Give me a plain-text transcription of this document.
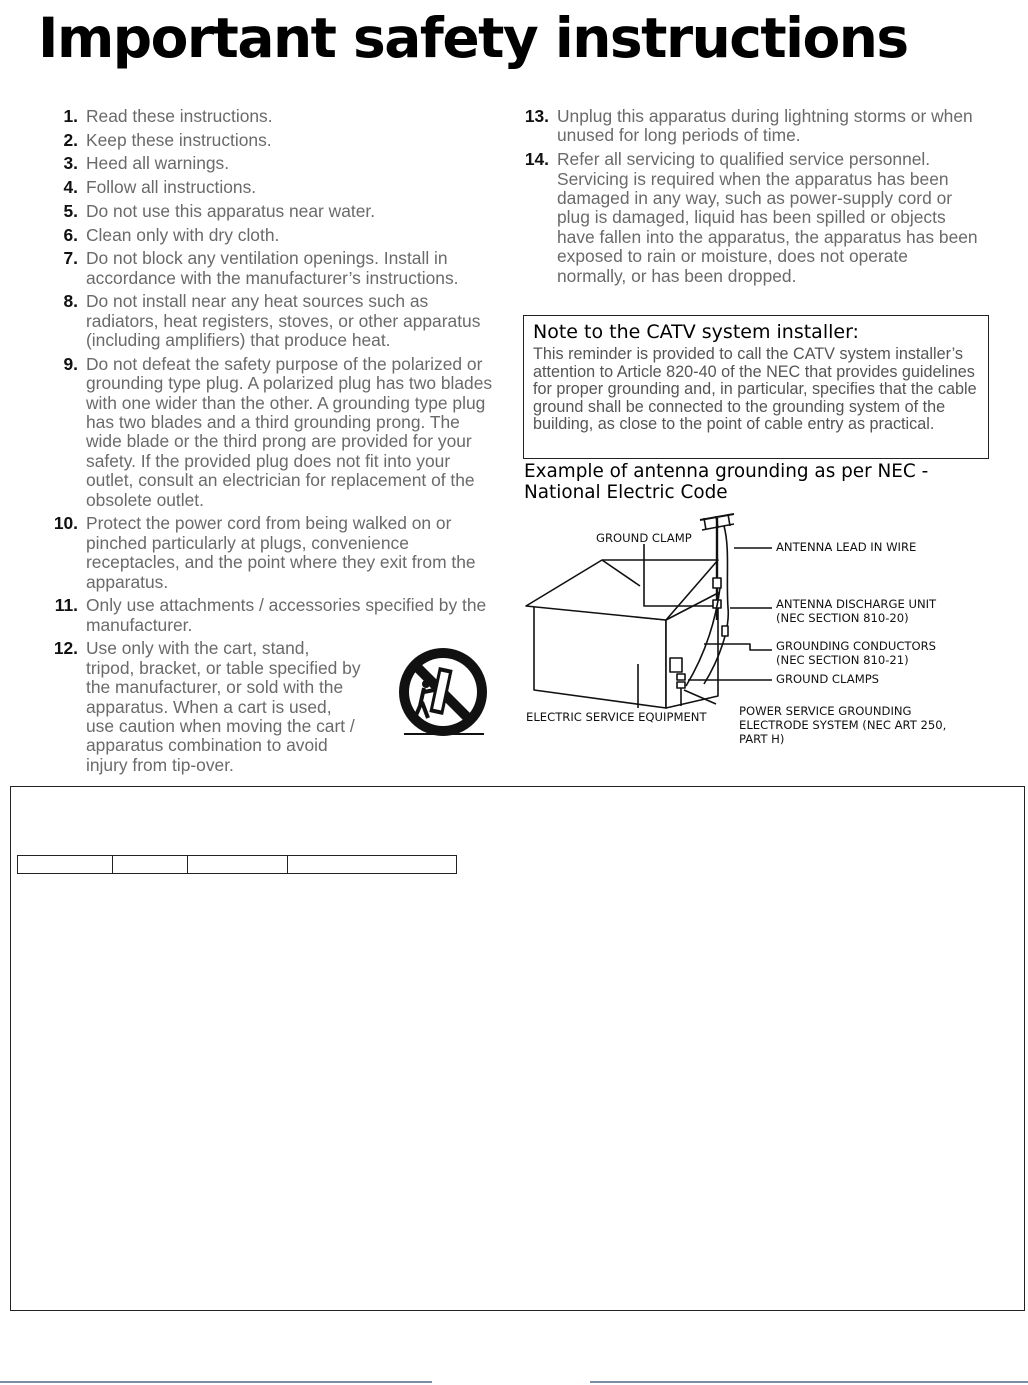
Important safety instructions
1. Read these instructions.
2. Keep these instructions.
3. Heed all warnings.
4. Follow all instructions.
5. Do not use this apparatus near water.
6. Clean only with dry cloth.
7. Do not block any ventilation openings. Install in accordance with the manufacturer’s instructions.
8. Do not install near any heat sources such as radiators, heat registers, stoves, or other apparatus (including amplifiers) that produce heat.
9. Do not defeat the safety purpose of the polarized or grounding type plug. A polarized plug has two blades with one wider than the other. A grounding type plug has two blades and a third grounding prong. The wide blade or the third prong are provided for your safety. If the provided plug does not fit into your outlet, consult an electrician for replacement of the obsolete outlet.
10. Protect the power cord from being walked on or pinched particularly at plugs, convenience receptacles, and the point where they exit from the apparatus.
11. Only use attachments / accessories specified by the manufacturer.
12. Use only with the cart, stand, tripod, bracket, or table specified by the manufacturer, or sold with the apparatus. When a cart is used, use caution when moving the cart / apparatus combination to avoid injury from tip-over.
13. Unplug this apparatus during lightning storms or when unused for long periods of time.
14. Refer all servicing to qualified service personnel. Servicing is required when the apparatus has been damaged in any way, such as power-supply cord or plug is damaged, liquid has been spilled or objects have fallen into the apparatus, the apparatus has been exposed to rain or moisture, does not operate normally, or has been dropped.
Note to the CATV system installer:

This reminder is provided to call the CATV system installer’s attention to Article 820-40 of the NEC that provides guidelines for proper grounding and, in particular, specifies that the cable ground shall be connected to the grounding system of the building, as close to the point of cable entry as practical.

Example of antenna grounding as per NEC -
National Electric Code
GROUND CLAMP
ANTENNA LEAD IN WIRE
ANTENNA DISCHARGE UNIT
(NEC SECTION 810-20)
GROUNDING CONDUCTORS
(NEC SECTION 810-21)
GROUND CLAMPS
ELECTRIC SERVICE EQUIPMENT	POWER SERVICE GROUNDING
ELECTRODE SYSTEM (NEC ART 250,
PART H)
